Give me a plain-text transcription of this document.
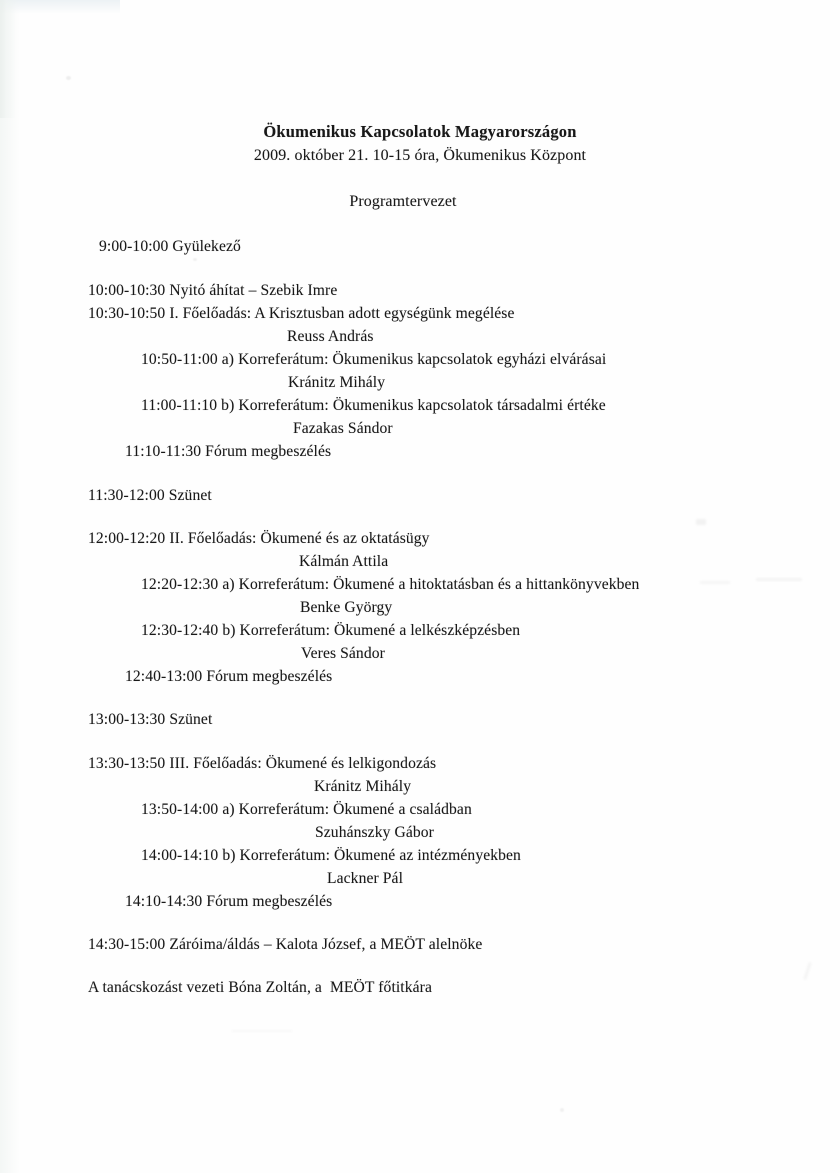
Ökumenikus Kapcsolatok Magyarországon
2009. október 21. 10-15 óra, Ökumenikus Központ
Programtervezet
9:00-10:00 Gyülekező
10:00-10:30 Nyitó áhítat – Szebik Imre
10:30-10:50 I. Főelőadás: A Krisztusban adott egységünk megélése
Reuss András
10:50-11:00 a) Korreferátum: Ökumenikus kapcsolatok egyházi elvárásai
Kránitz Mihály
11:00-11:10 b) Korreferátum: Ökumenikus kapcsolatok társadalmi értéke
Fazakas Sándor
11:10-11:30 Fórum megbeszélés
11:30-12:00 Szünet
12:00-12:20 II. Főelőadás: Ökumené és az oktatásügy
Kálmán Attila
12:20-12:30 a) Korreferátum: Ökumené a hitoktatásban és a hittankönyvekben
Benke György
12:30-12:40 b) Korreferátum: Ökumené a lelkészképzésben
Veres Sándor
12:40-13:00 Fórum megbeszélés
13:00-13:30 Szünet
13:30-13:50 III. Főelőadás: Ökumené és lelkigondozás
Kránitz Mihály
13:50-14:00 a) Korreferátum: Ökumené a családban
Szuhánszky Gábor
14:00-14:10 b) Korreferátum: Ökumené az intézményekben
Lackner Pál
14:10-14:30 Fórum megbeszélés
14:30-15:00 Záróima/áldás – Kalota József, a MEÖT alelnöke
A tanácskozást vezeti Bóna Zoltán, a  MEÖT főtitkára
